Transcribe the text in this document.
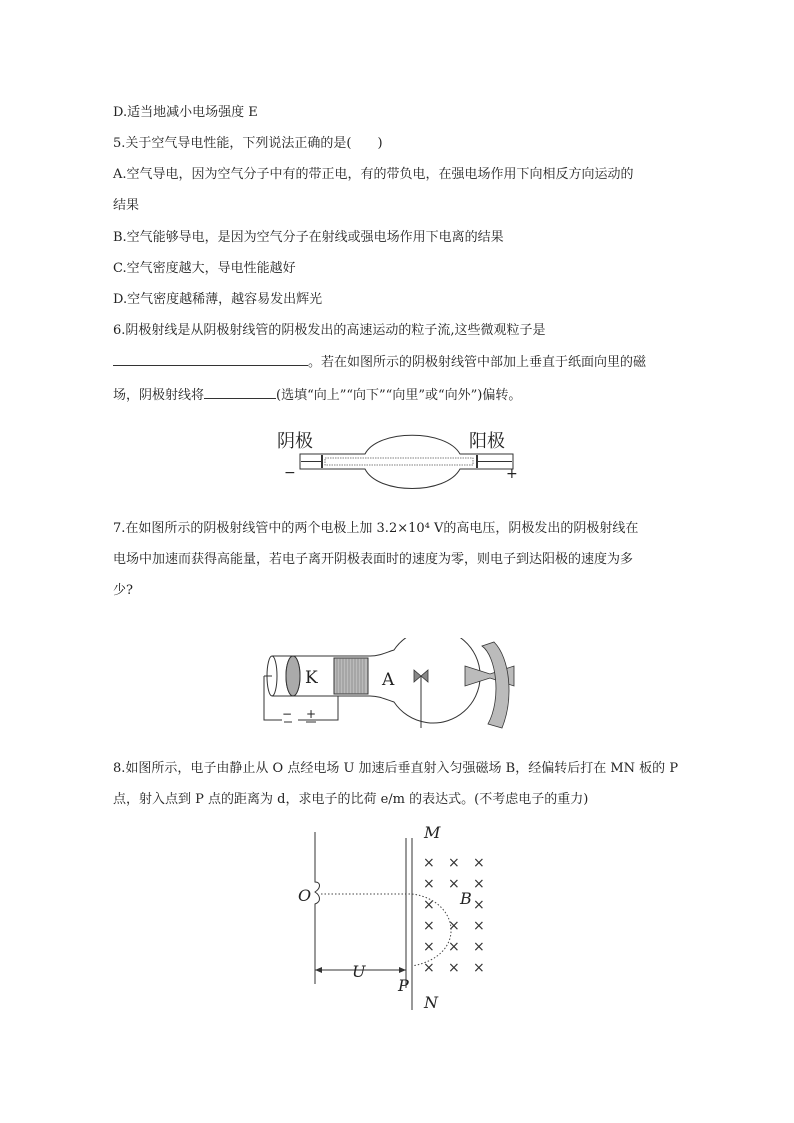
D.适当地减小电场强度 E
5.关于空气导电性能，下列说法正确的是(　　)
A.空气导电，因为空气分子中有的带正电，有的带负电，在强电场作用下向相反方向运动的
结果
B.空气能够导电，是因为空气分子在射线或强电场作用下电离的结果
C.空气密度越大，导电性能越好
D.空气密度越稀薄，越容易发出辉光
6.阴极射线是从阴极射线管的阴极发出的高速运动的粒子流,这些微观粒子是
。若在如图所示的阴极射线管中部加上垂直于纸面向里的磁
场，阴极射线将	(选填“向上”“向下”“向里”或“向外”)偏转。
阴极	阳极
−	+
7.在如图所示的阴极射线管中的两个电极上加 3.2×10⁴ V的高电压，阴极发出的阴极射线在
电场中加速而获得高能量，若电子离开阴极表面时的速度为零，则电子到达阳极的速度为多
少?
K	A
− +
8.如图所示，电子由静止从 O 点经电场 U 加速后垂直射入匀强磁场 B，经偏转后打在 MN 板的 P
点，射入点到 P 点的距离为 d，求电子的比荷 e/m 的表达式。(不考虑电子的重力)
M
N
O	B
P
U
× × ×
× × ×
×	×
× × ×
× × ×
× × ×
